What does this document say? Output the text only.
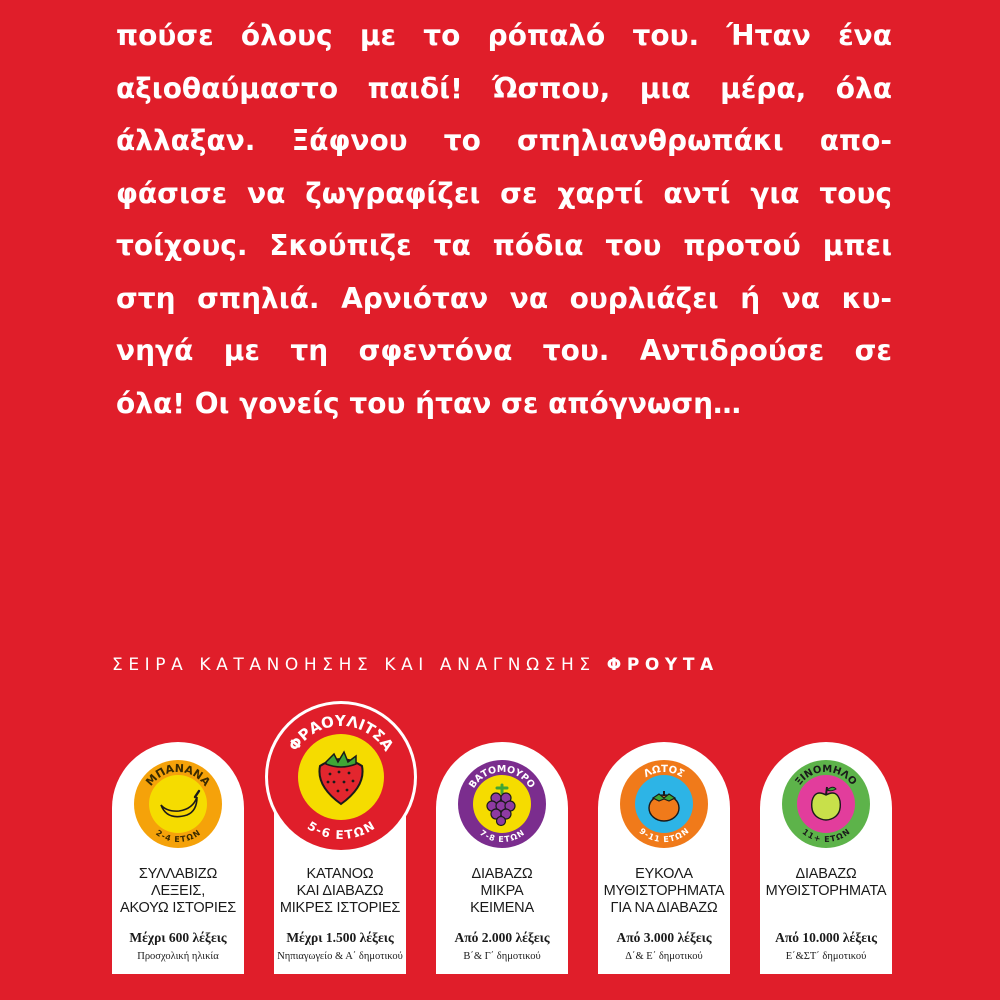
πούσε όλους με το ρόπαλό του. Ήταν ένα
αξιοθαύμαστο παιδί! Ώσπου, μια μέρα, όλα
άλλαξαν. Ξάφνου το σπηλιανθρωπάκι απο-
φάσισε να ζωγραφίζει σε χαρτί αντί για τους
τοίχους. Σκούπιζε τα πόδια του προτού μπει
στη σπηλιά. Αρνιόταν να ουρλιάζει ή να κυ-
νηγά με τη σφεντόνα του. Αντιδρούσε σε
όλα! Οι γονείς του ήταν σε απόγνωση…
ΣΕΙΡΑ ΚΑΤΑΝΟΗΣΗΣ ΚΑΙ ΑΝΑΓΝΩΣΗΣ ΦΡΟΥΤΑ
ΜΠΑΝΑΝΑ
2-4 ΕΤΩΝ
ΣΥΛΛΑΒΙΖΩ
ΛΕΞΕΙΣ,
ΑΚΟΥΩ ΙΣΤΟΡΙΕΣ
Μέχρι 600 λέξεις
Προσχολική ηλικία
ΦΡΑΟΥΛΙΤΣΑ
5-6 ΕΤΩΝ
ΚΑΤΑΝΟΩ
ΚΑΙ ΔΙΑΒΑΖΩ
ΜΙΚΡΕΣ ΙΣΤΟΡΙΕΣ
Μέχρι 1.500 λέξεις
Νηπιαγωγείο & Α΄ δημοτικού
ΒΑΤΟΜΟΥΡΟ
7-8 ΕΤΩΝ
ΔΙΑΒΑΖΩ
ΜΙΚΡΑ
ΚΕΙΜΕΝΑ
Από 2.000 λέξεις
Β΄& Γ΄ δημοτικού
ΛΩΤΟΣ
9-11 ΕΤΩΝ
ΕΥΚΟΛΑ
ΜΥΘΙΣΤΟΡΗΜΑΤΑ
ΓΙΑ ΝΑ ΔΙΑΒΑΖΩ
Από 3.000 λέξεις
Δ΄& Ε΄ δημοτικού
ΞΙΝΟΜΗΛΟ
11+ ΕΤΩΝ
ΔΙΑΒΑΖΩ
ΜΥΘΙΣΤΟΡΗΜΑΤΑ
Από 10.000 λέξεις
Ε΄&ΣΤ΄ δημοτικού
